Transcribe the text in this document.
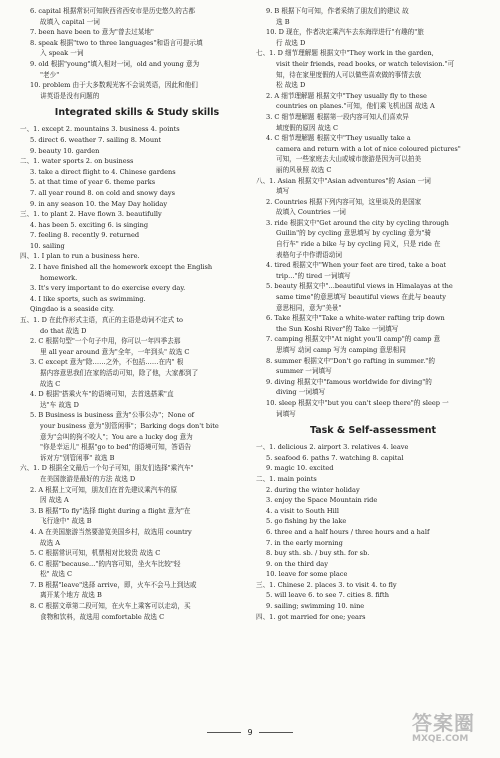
6. capital 根据常识可知陕西省西安市是历史悠久的古都
故填入 capital 一词
7. been have been to 意为"曾去过某地"
8. speak 根据"two to three languages"和语言可提示填
入 speak 一词
9. old 根据"young"填入相对一词，old and young 意为
"老少"
10. problem 由于大多数观光客不会说英语，因此和他们
讲英语是没有问题的
Integrated skills & Study skills
一、1. except 2. mountains 3. business 4. points
5. direct 6. weather 7. sailing 8. Mount
9. beauty 10. garden
二、1. water sports 2. on business
3. take a direct flight to 4. Chinese gardens
5. at that time of year 6. theme parks
7. all year round 8. on cold and snowy days
9. in any season 10. the May Day holiday
三、1. to plant 2. Have flown 3. beautifully
4. has been 5. exciting 6. is singing
7. feeling 8. recently 9. returned
10. sailing
四、1. I plan to run a business here.
2. I have finished all the homework except the English
homework.
3. It's very important to do exercise every day.
4. I like sports, such as swimming.
Qingdao is a seaside city.
五、1. D 在此作形式主语，真正的主语是动词不定式 to
do that 故选 D
2. C 根据句型"一个句子中用，你可以一年四季去那
里 all year around 意为"全年，一年到头" 故选 C
3. C except 意为"除……之外，不包括……在内" 根
据内容意思我们在家的活动可知，除了他，大家都到了
故选 C
4. D 根据"搭乘火车"的语境可知，去首选搭乘"直
达"车 故选 D
5. B Business is business 意为"公事公办"；None of
your business 意为"别管闲事"；Barking dogs don't bite
意为"会叫的狗不咬人"；You are a lucky dog 意为
"你是幸运儿" 根据"go to bed"的语境可知，答语告
诉对方"别管闲事" 故选 B
六、1. D 根据全文最后一个句子可知，朋友们选择"乘汽车"
在美国旅游是最好的方法 故选 D
2. A 根据上文可知，朋友们在首先建议乘汽车的原
因 故选 A
3. B 根据"To fly"选择 flight during a flight 意为"在
飞行途中" 故选 B
4. A 在美国旅游当然要游览美国乡村，故选用 country
故选 A
5. C 根据常识可知，机票相对比较贵 故选 C
6. C 根据"because..."的内容可知，坐火车比较"轻
松" 故选 C
7. B 根据"leave"选择 arrive，即，火车不会马上到达或
离开某个地方 故选 B
8. C 根据文章第二段可知，在火车上乘客可以走动，买
食物和饮料，故选用 comfortable 故选 C
9. B 根据下句可知，作者采纳了朋友们的建议 故
选 B
10. D 现在，作者决定乘汽车去东海岸进行"有趣的"旅
行 故选 D
七、1. D 细节理解题 根据文中"They work in the garden,
visit their friends, read books, or watch television."可
知，待在家里度假的人可以做些喜欢做的事情去放
松 故选 D
2. A 细节理解题 根据文中"They usually fly to these
countries on planes."可知，他们乘飞机出国 故选 A
3. C 细节理解题 根据第一段内容可知人们喜欢异
域度假的原因 故选 C
4. C 细节理解题 根据文中"They usually take a
camera and return with a lot of nice coloured pictures"
可知，一些家庭去大山或城市旅游是因为可以拍美
丽的风景照 故选 C
八、1. Asian 根据文中"Asian adventures"的 Asian 一词
填写
2. Countries 根据下列内容可知，这里谈及的是国家
故填入 Countries 一词
3. ride 根据文中"Get around the city by cycling through
Guilin"的 by cycling 意思填写 by cycling 意为"骑
自行车" ride a bike 与 by cycling 同义，只是 ride 在
表格句子中作谓语动词
4. tired 根据文中"When your feet are tired, take a boat
trip..."的 tired 一词填写
5. beauty 根据文中"...beautiful views in Himalayas at the
same time"的意思填写 beautiful views 在此与 beauty
意思相同，意为"美景"
6. Take 根据文中"Take a white-water rafting trip down
the Sun Koshi River"的 Take 一词填写
7. camping 根据文中"At night you'll camp"的 camp 意
思填写 动词 camp 写为 camping 意思相同
8. summer 根据文中"Don't go rafting in summer."的
summer 一词填写
9. diving 根据文中"famous worldwide for diving"的
diving 一词填写
10. sleep 根据文中"but you can't sleep there"的 sleep 一
词填写
Task & Self-assessment
一、1. delicious 2. airport 3. relatives 4. leave
5. seafood 6. paths 7. watching 8. capital
9. magic 10. excited
二、1. main points
2. during the winter holiday
3. enjoy the Space Mountain ride
4. a visit to South Hill
5. go fishing by the lake
6. three and a half hours / three hours and a half
7. in the early morning
8. buy sth. sb. / buy sth. for sb.
9. on the third day
10. leave for some place
三、1. Chinese 2. places 3. to visit 4. to fly
5. will leave 6. to see 7. cities 8. fifth
9. sailing; swimming 10. nine
四、1. got married for one; years
9	答案圈
MXQE.COM
